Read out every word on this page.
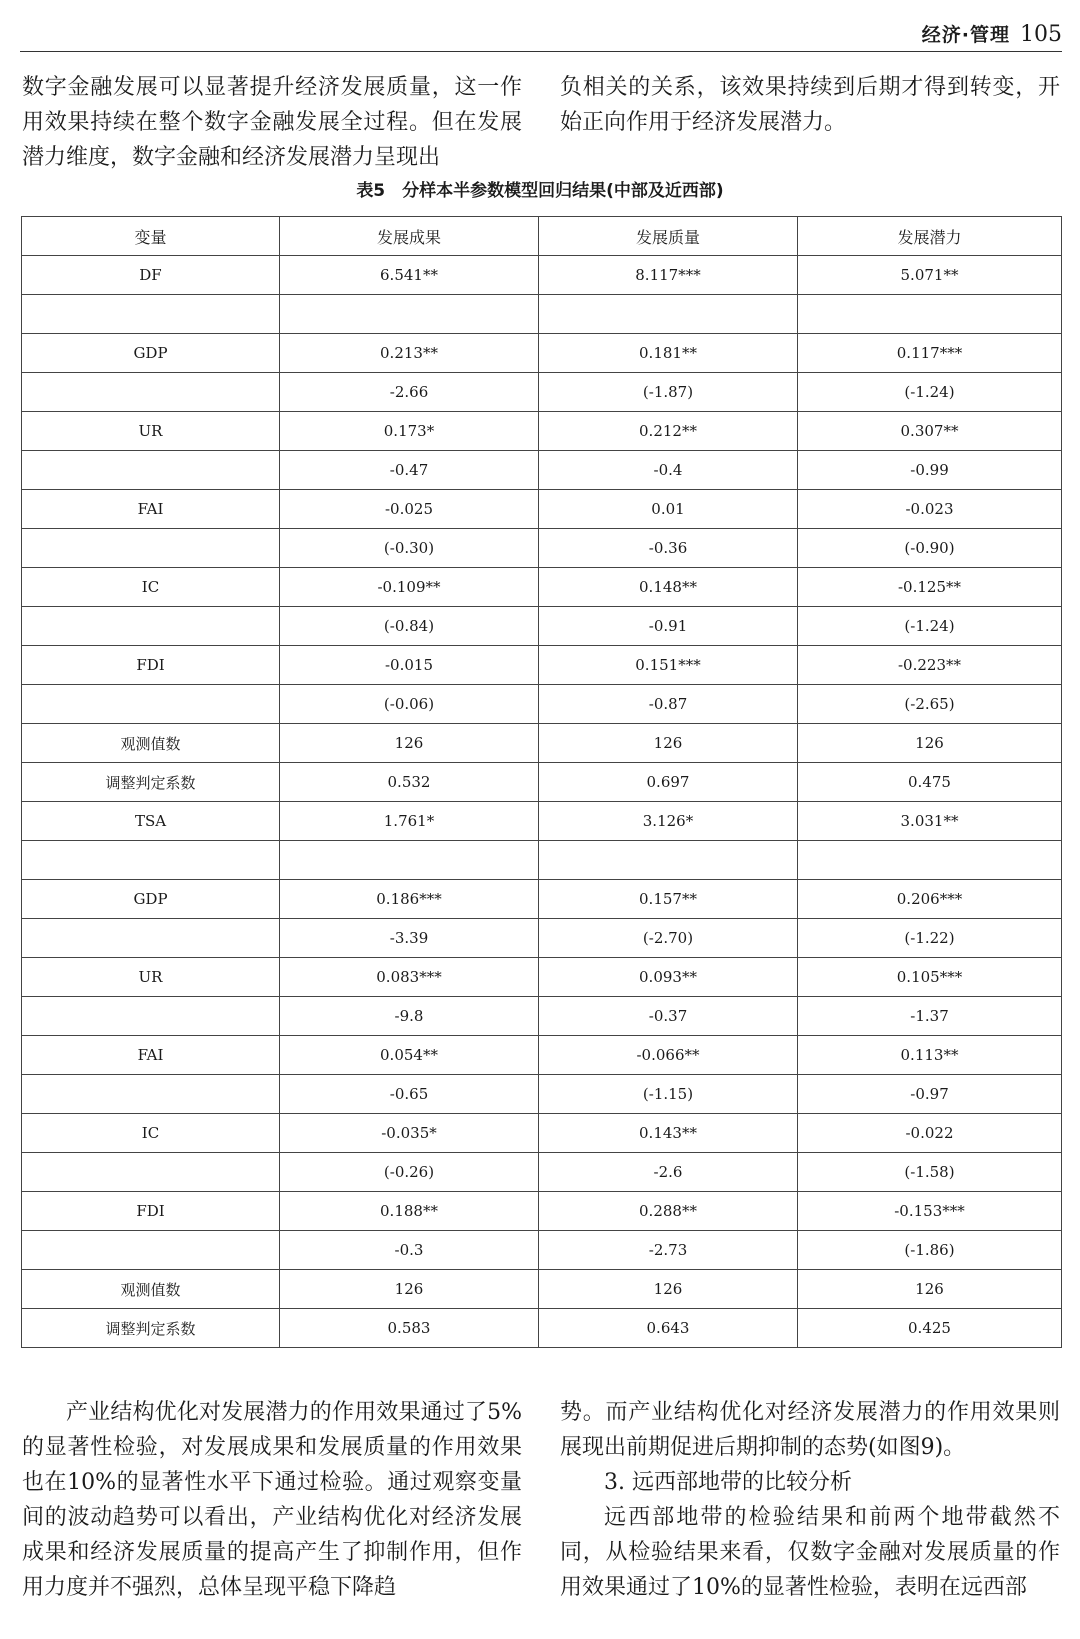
经济·管理 105

数字金融发展可以显著提升经济发展质量，这一作用效果持续在整个数字金融发展全过程。但在发展潜力维度，数字金融和经济发展潜力呈现出

负相关的关系，该效果持续到后期才得到转变，开始正向作用于经济发展潜力。

表5　分样本半参数模型回归结果(中部及近西部)
变量	发展成果	发展质量	发展潜力
DF	6.541**	8.117***	5.071**

GDP	0.213**	0.181**	0.117***
	-2.66	(-1.87)	(-1.24)
UR	0.173*	0.212**	0.307**
	-0.47	-0.4	-0.99
FAI	-0.025	0.01	-0.023
	(-0.30)	-0.36	(-0.90)
IC	-0.109**	0.148**	-0.125**
	(-0.84)	-0.91	(-1.24)
FDI	-0.015	0.151***	-0.223**
	(-0.06)	-0.87	(-2.65)
观测值数	126	126	126
调整判定系数	0.532	0.697	0.475
TSA	1.761*	3.126*	3.031**

GDP	0.186***	0.157**	0.206***
	-3.39	(-2.70)	(-1.22)
UR	0.083***	0.093**	0.105***
	-9.8	-0.37	-1.37
FAI	0.054**	-0.066**	0.113**
	-0.65	(-1.15)	-0.97
IC	-0.035*	0.143**	-0.022
	(-0.26)	-2.6	(-1.58)
FDI	0.188**	0.288**	-0.153***
	-0.3	-2.73	(-1.86)
观测值数	126	126	126
调整判定系数	0.583	0.643	0.425

产业结构优化对发展潜力的作用效果通过了5%的显著性检验，对发展成果和发展质量的作用效果也在10%的显著性水平下通过检验。通过观察变量间的波动趋势可以看出，产业结构优化对经济发展成果和经济发展质量的提高产生了抑制作用，但作用力度并不强烈，总体呈现平稳下降趋

势。而产业结构优化对经济发展潜力的作用效果则展现出前期促进后期抑制的态势(如图9)。

3. 远西部地带的比较分析

远西部地带的检验结果和前两个地带截然不同，从检验结果来看，仅数字金融对发展质量的作用效果通过了10%的显著性检验，表明在远西部
